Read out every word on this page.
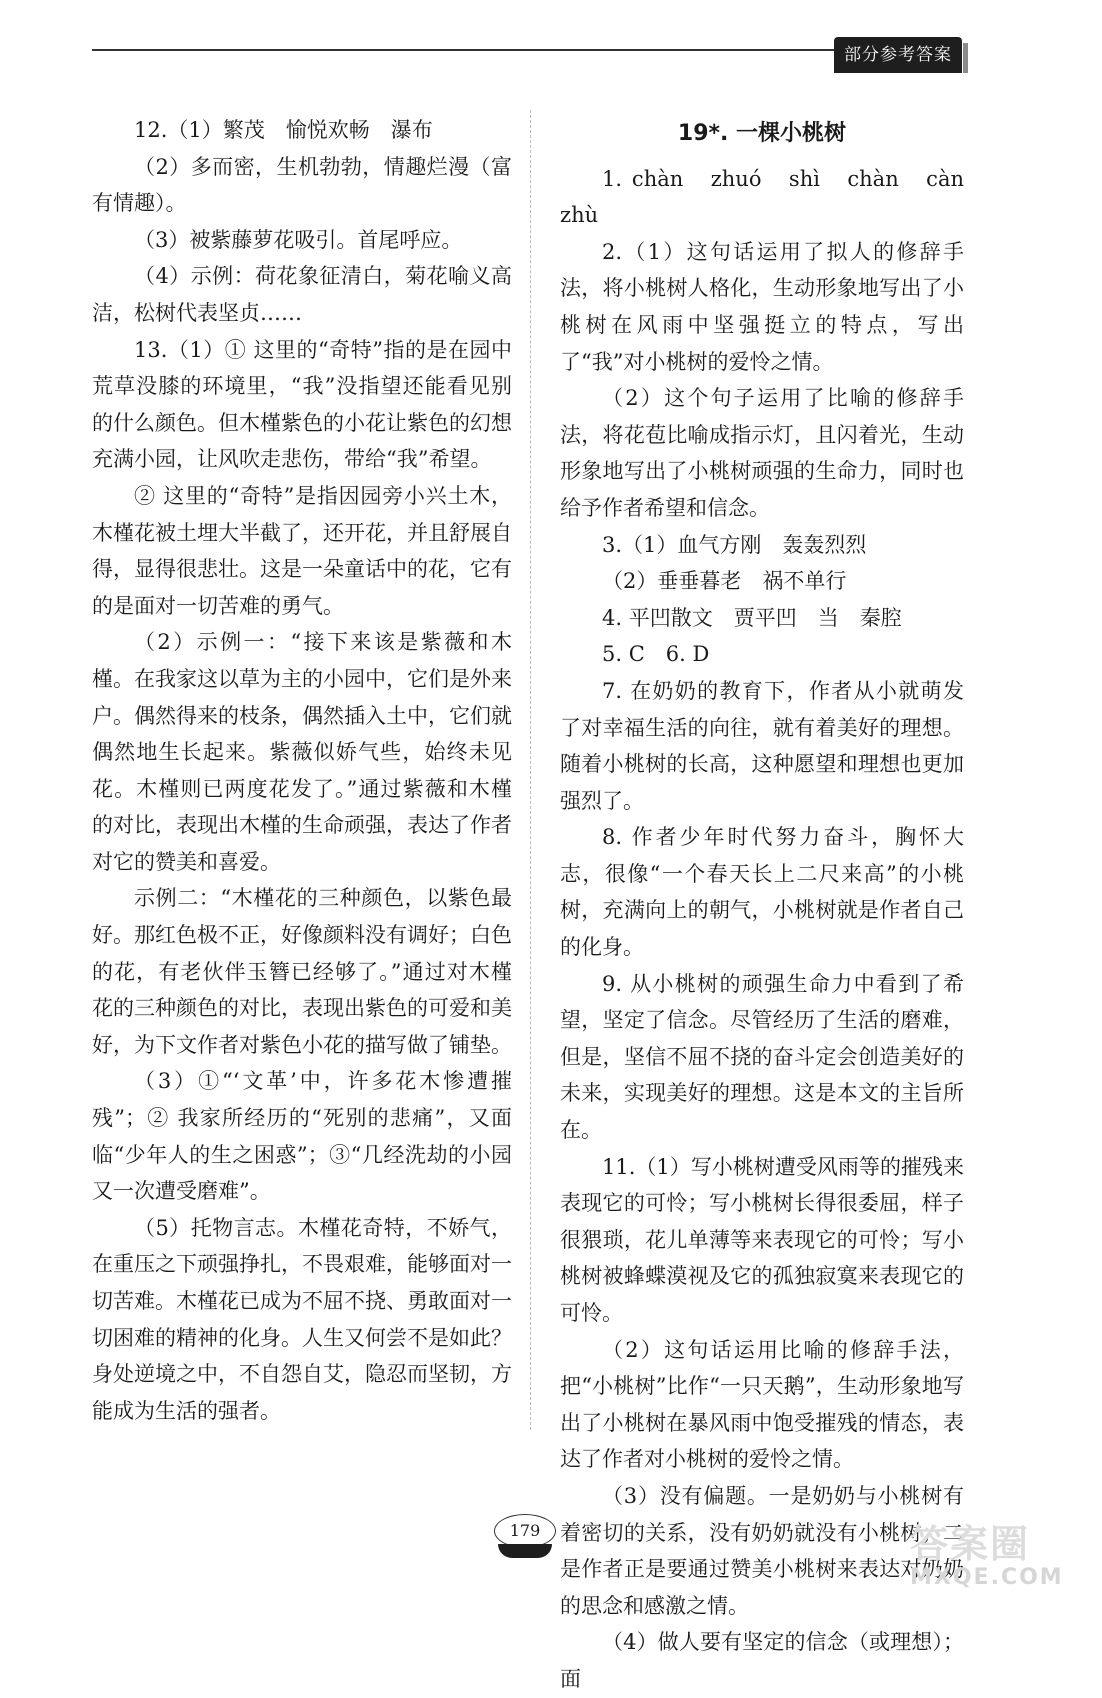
部分参考答案

12.（1）繁茂　愉悦欢畅　瀑布

（2）多而密，生机勃勃，情趣烂漫（富有情趣）。

（3）被紫藤萝花吸引。首尾呼应。

（4）示例：荷花象征清白，菊花喻义高洁，松树代表坚贞……

13.（1）① 这里的“奇特”指的是在园中荒草没膝的环境里，“我”没指望还能看见别的什么颜色。但木槿紫色的小花让紫色的幻想充满小园，让风吹走悲伤，带给“我”希望。

② 这里的“奇特”是指因园旁小兴土木，木槿花被土埋大半截了，还开花，并且舒展自得，显得很悲壮。这是一朵童话中的花，它有的是面对一切苦难的勇气。

（2）示例一：“接下来该是紫薇和木槿。在我家这以草为主的小园中，它们是外来户。偶然得来的枝条，偶然插入土中，它们就偶然地生长起来。紫薇似娇气些，始终未见花。木槿则已两度花发了。”通过紫薇和木槿的对比，表现出木槿的生命顽强，表达了作者对它的赞美和喜爱。

示例二：“木槿花的三种颜色，以紫色最好。那红色极不正，好像颜料没有调好；白色的花，有老伙伴玉簪已经够了。”通过对木槿花的三种颜色的对比，表现出紫色的可爱和美好，为下文作者对紫色小花的描写做了铺垫。

（3）①“‘文革’中，许多花木惨遭摧残”；② 我家所经历的“死别的悲痛”，又面临“少年人的生之困惑”；③“几经洗劫的小园又一次遭受磨难”。

（5）托物言志。木槿花奇特，不娇气，在重压之下顽强挣扎，不畏艰难，能够面对一切苦难。木槿花已成为不屈不挠、勇敢面对一切困难的精神的化身。人生又何尝不是如此？身处逆境之中，不自怨自艾，隐忍而坚韧，方能成为生活的强者。

19*. 一棵小桃树

1. chàn　zhuó　shì　chàn　càn　zhù

2.（1）这句话运用了拟人的修辞手法，将小桃树人格化，生动形象地写出了小桃树在风雨中坚强挺立的特点，写出了“我”对小桃树的爱怜之情。

（2）这个句子运用了比喻的修辞手法，将花苞比喻成指示灯，且闪着光，生动形象地写出了小桃树顽强的生命力，同时也给予作者希望和信念。

3.（1）血气方刚　轰轰烈烈

（2）垂垂暮老　祸不单行

4. 平凹散文　贾平凹　当　秦腔

5. C　6. D

7. 在奶奶的教育下，作者从小就萌发了对幸福生活的向往，就有着美好的理想。随着小桃树的长高，这种愿望和理想也更加强烈了。

8. 作者少年时代努力奋斗，胸怀大志，很像“一个春天长上二尺来高”的小桃树，充满向上的朝气，小桃树就是作者自己的化身。

9. 从小桃树的顽强生命力中看到了希望，坚定了信念。尽管经历了生活的磨难，但是，坚信不屈不挠的奋斗定会创造美好的未来，实现美好的理想。这是本文的主旨所在。

11.（1）写小桃树遭受风雨等的摧残来表现它的可怜；写小桃树长得很委屈，样子很猥琐，花儿单薄等来表现它的可怜；写小桃树被蜂蝶漠视及它的孤独寂寞来表现它的可怜。

（2）这句话运用比喻的修辞手法，把“小桃树”比作“一只天鹅”，生动形象地写出了小桃树在暴风雨中饱受摧残的情态，表达了作者对小桃树的爱怜之情。

（3）没有偏题。一是奶奶与小桃树有着密切的关系，没有奶奶就没有小桃树；二是作者正是要通过赞美小桃树来表达对奶奶的思念和感激之情。

（4）做人要有坚定的信念（或理想）；面

179	答案圈
MXQE.COM
